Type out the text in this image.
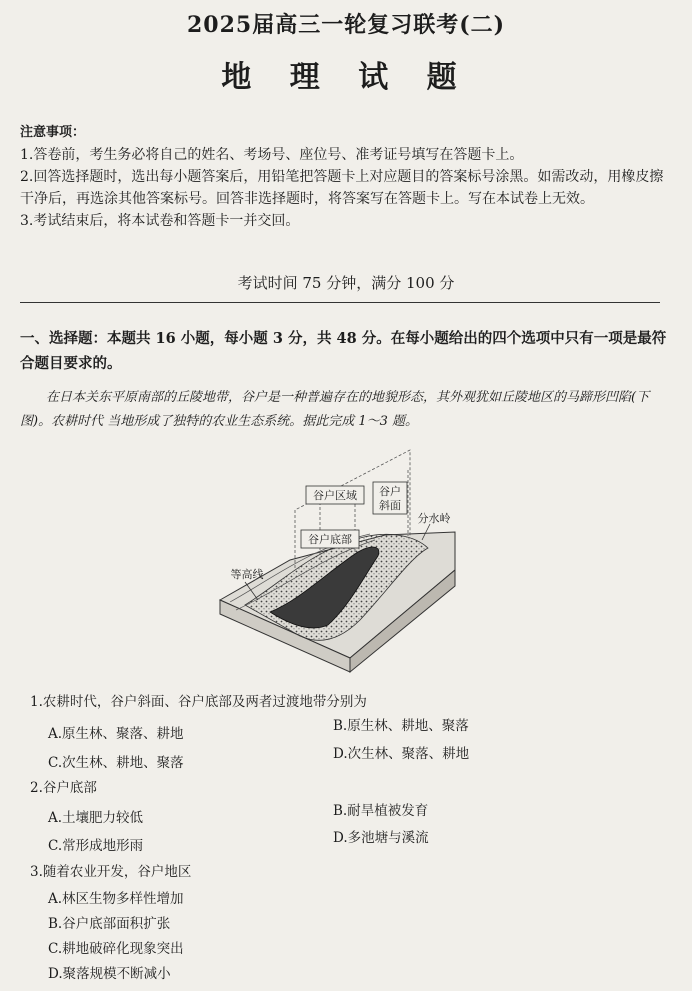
2025届高三一轮复习联考(二)
地 理 试 题

注意事项：

1.答卷前，考生务必将自己的姓名、考场号、座位号、准考证号填写在答题卡上。

2.回答选择题时，选出每小题答案后，用铅笔把答题卡上对应题目的答案标号涂黑。如需改动，用橡皮擦干净后，再选涂其他答案标号。回答非选择题时，将答案写在答题卡上。写在本试卷上无效。

3.考试结束后，将本试卷和答题卡一并交回。

考试时间 75 分钟，满分 100 分
一、选择题：本题共 16 小题，每小题 3 分，共 48 分。在每小题给出的四个选项中只有一项是最符合题目要求的。
在日本关东平原南部的丘陵地带，谷户是一种普遍存在的地貌形态，其外观犹如丘陵地区的马蹄形凹陷(下图)。农耕时代 当地形成了独特的农业生态系统。据此完成 1～3 题。
谷户区域 谷户
斜面
分水岭
谷户底部
等高线
1.农耕时代，谷户斜面、谷户底部及两者过渡地带分别为
A.原生林、聚落、耕地	B.原生林、耕地、聚落
C.次生林、耕地、聚落
D.次生林、聚落、耕地
2.谷户底部
A.土壤肥力较低	B.耐旱植被发育
C.常形成地形雨	D.多池塘与溪流
3.随着农业开发，谷户地区
A.林区生物多样性增加
B.谷户底部面积扩张
C.耕地破碎化现象突出
D.聚落规模不断减小
